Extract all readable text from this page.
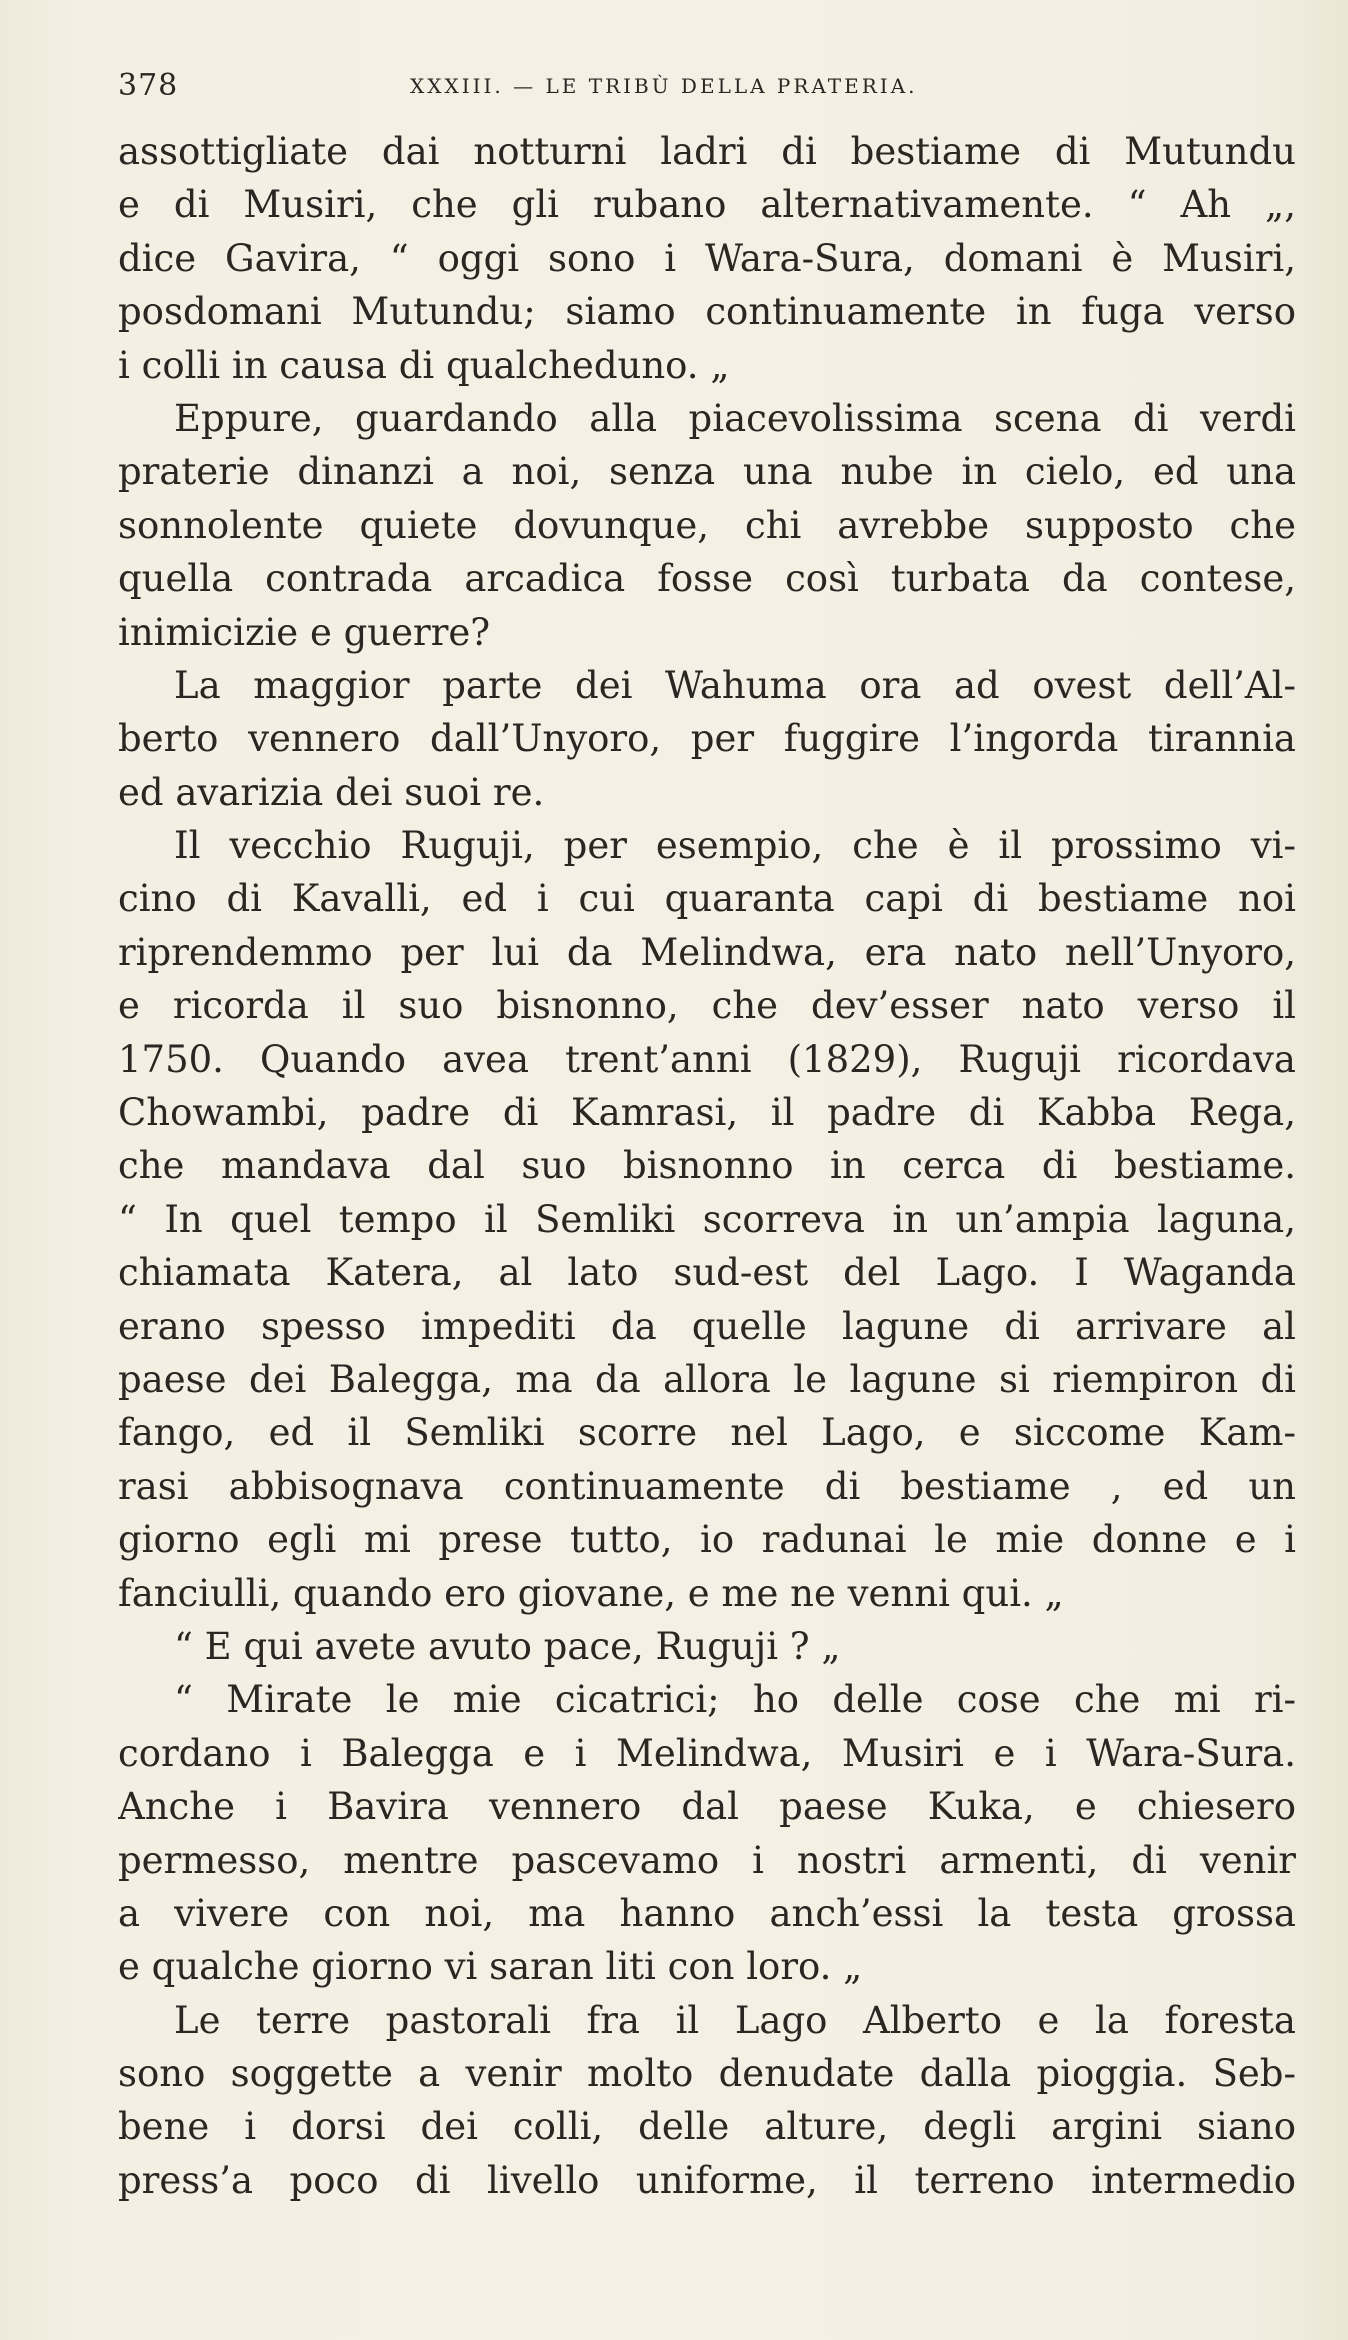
378	XXXIII. — LE TRIBÙ DELLA PRATERIA.
assottigliate dai notturni ladri di bestiame di Mutundu
e di Musiri, che gli rubano alternativamente. “ Ah „,
dice Gavira, “ oggi sono i Wara-Sura, domani è Musiri,
posdomani Mutundu; siamo continuamente in fuga verso
i colli in causa di qualcheduno. „
Eppure, guardando alla piacevolissima scena di verdi
praterie dinanzi a noi, senza una nube in cielo, ed una
sonnolente quiete dovunque, chi avrebbe supposto che
quella contrada arcadica fosse così turbata da contese,
inimicizie e guerre?
La maggior parte dei Wahuma ora ad ovest dell’Al-
berto vennero dall’Unyoro, per fuggire l’ingorda tirannia
ed avarizia dei suoi re.
Il vecchio Ruguji, per esempio, che è il prossimo vi-
cino di Kavalli, ed i cui quaranta capi di bestiame noi
riprendemmo per lui da Melindwa, era nato nell’Unyoro,
e ricorda il suo bisnonno, che dev’esser nato verso il
1750. Quando avea trent’anni (1829), Ruguji ricordava
Chowambi, padre di Kamrasi, il padre di Kabba Rega,
che mandava dal suo bisnonno in cerca di bestiame.
“ In quel tempo il Semliki scorreva in un’ampia laguna,
chiamata Katera, al lato sud-est del Lago. I Waganda
erano spesso impediti da quelle lagune di arrivare al
paese dei Balegga, ma da allora le lagune si riempiron di
fango, ed il Semliki scorre nel Lago, e siccome Kam-
rasi abbisognava continuamente di bestiame , ed un
giorno egli mi prese tutto, io radunai le mie donne e i
fanciulli, quando ero giovane, e me ne venni qui. „
“ E qui avete avuto pace, Ruguji ? „
“ Mirate le mie cicatrici; ho delle cose che mi ri-
cordano i Balegga e i Melindwa, Musiri e i Wara-Sura.
Anche i Bavira vennero dal paese Kuka, e chiesero
permesso, mentre pascevamo i nostri armenti, di venir
a vivere con noi, ma hanno anch’essi la testa grossa
e qualche giorno vi saran liti con loro. „
Le terre pastorali fra il Lago Alberto e la foresta
sono soggette a venir molto denudate dalla pioggia. Seb-
bene i dorsi dei colli, delle alture, degli argini siano
press’a poco di livello uniforme, il terreno intermedio
